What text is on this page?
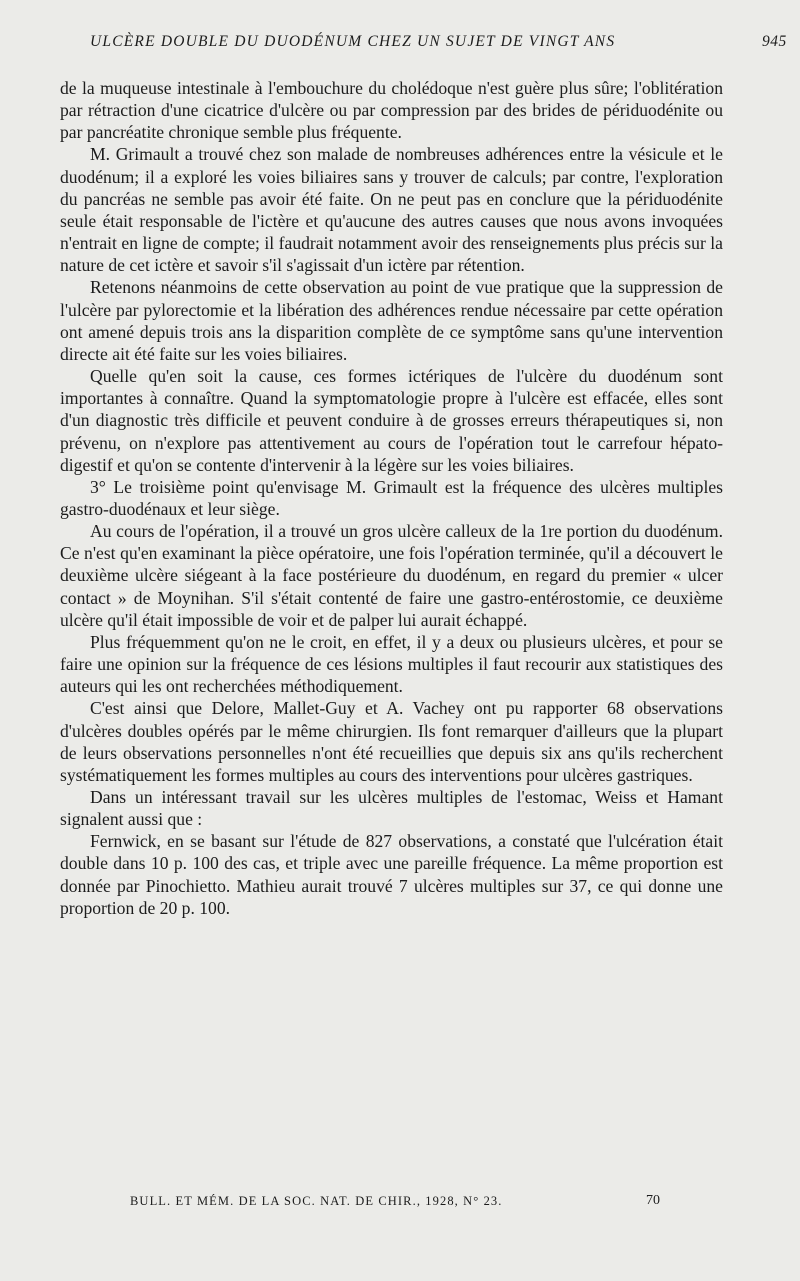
ULCÈRE DOUBLE DU DUODÉNUM CHEZ UN SUJET DE VINGT ANS	945

de la muqueuse intestinale à l'embouchure du cholédoque n'est guère plus sûre; l'oblitération par rétraction d'une cicatrice d'ulcère ou par compression par des brides de périduodénite ou par pancréatite chronique semble plus fréquente.

M. Grimault a trouvé chez son malade de nombreuses adhérences entre la vésicule et le duodénum; il a exploré les voies biliaires sans y trouver de calculs; par contre, l'exploration du pancréas ne semble pas avoir été faite. On ne peut pas en conclure que la périduodénite seule était responsable de l'ictère et qu'aucune des autres causes que nous avons invoquées n'entrait en ligne de compte; il faudrait notamment avoir des renseignements plus précis sur la nature de cet ictère et savoir s'il s'agissait d'un ictère par rétention.

Retenons néanmoins de cette observation au point de vue pratique que la suppression de l'ulcère par pylorectomie et la libération des adhérences rendue nécessaire par cette opération ont amené depuis trois ans la disparition complète de ce symptôme sans qu'une intervention directe ait été faite sur les voies biliaires.

Quelle qu'en soit la cause, ces formes ictériques de l'ulcère du duodénum sont importantes à connaître. Quand la symptomatologie propre à l'ulcère est effacée, elles sont d'un diagnostic très difficile et peuvent conduire à de grosses erreurs thérapeutiques si, non prévenu, on n'explore pas attentivement au cours de l'opération tout le carrefour hépato-digestif et qu'on se contente d'intervenir à la légère sur les voies biliaires.

3° Le troisième point qu'envisage M. Grimault est la fréquence des ulcères multiples gastro-duodénaux et leur siège.

Au cours de l'opération, il a trouvé un gros ulcère calleux de la 1re portion du duodénum. Ce n'est qu'en examinant la pièce opératoire, une fois l'opération terminée, qu'il a découvert le deuxième ulcère siégeant à la face postérieure du duodénum, en regard du premier « ulcer contact » de Moynihan. S'il s'était contenté de faire une gastro-entérostomie, ce deuxième ulcère qu'il était impossible de voir et de palper lui aurait échappé.

Plus fréquemment qu'on ne le croit, en effet, il y a deux ou plusieurs ulcères, et pour se faire une opinion sur la fréquence de ces lésions multiples il faut recourir aux statistiques des auteurs qui les ont recherchées méthodiquement.

C'est ainsi que Delore, Mallet-Guy et A. Vachey ont pu rapporter 68 observations d'ulcères doubles opérés par le même chirurgien. Ils font remarquer d'ailleurs que la plupart de leurs observations personnelles n'ont été recueillies que depuis six ans qu'ils recherchent systématiquement les formes multiples au cours des interventions pour ulcères gastriques.

Dans un intéressant travail sur les ulcères multiples de l'estomac, Weiss et Hamant signalent aussi que :

Fernwick, en se basant sur l'étude de 827 observations, a constaté que l'ulcération était double dans 10 p. 100 des cas, et triple avec une pareille fréquence. La même proportion est donnée par Pinochietto. Mathieu aurait trouvé 7 ulcères multiples sur 37, ce qui donne une proportion de 20 p. 100.

BULL. ET MÉM. DE LA SOC. NAT. DE CHIR., 1928, N° 23.	70
